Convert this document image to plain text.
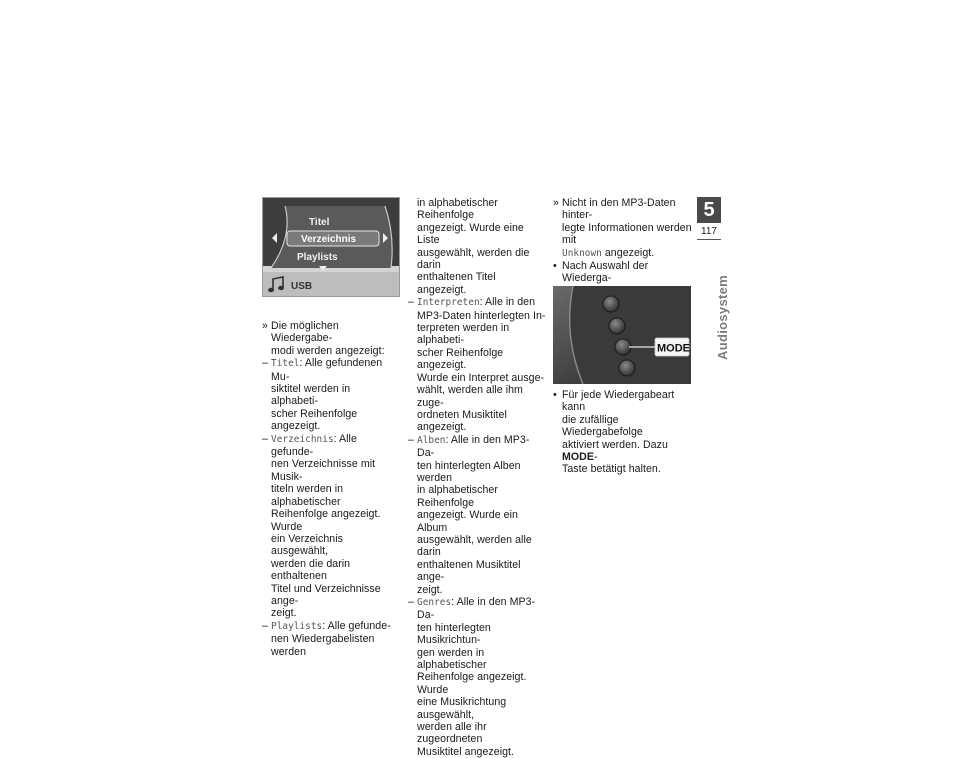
Titel
Verzeichnis
Playlists
USB
» Die möglichen Wiedergabe-
modi werden angezeigt:
– Titel: Alle gefundenen Mu-
siktitel werden in alphabeti-
scher Reihenfolge angezeigt.
– Verzeichnis: Alle gefunde-
nen Verzeichnisse mit Musik-
titeln werden in alphabetischer
Reihenfolge angezeigt. Wurde
ein Verzeichnis ausgewählt,
werden die darin enthaltenen
Titel und Verzeichnisse ange-
zeigt.
– Playlists: Alle gefunde-
nen Wiedergabelisten werden
in alphabetischer Reihenfolge
angezeigt. Wurde eine Liste
ausgewählt, werden die darin
enthaltenen Titel angezeigt.
– Interpreten: Alle in den
MP3-Daten hinterlegten In-
terpreten werden in alphabeti-
scher Reihenfolge angezeigt.
Wurde ein Interpret ausge-
wählt, werden alle ihm zuge-
ordneten Musiktitel angezeigt.
– Alben: Alle in den MP3-Da-
ten hinterlegten Alben werden
in alphabetischer Reihenfolge
angezeigt. Wurde ein Album
ausgewählt, werden alle darin
enthaltenen Musiktitel ange-
zeigt.
– Genres: Alle in den MP3-Da-
ten hinterlegten Musikrichtun-
gen werden in alphabetischer
Reihenfolge angezeigt. Wurde
eine Musikrichtung ausgewählt,
werden alle ihr zugeordneten
Musiktitel angezeigt.
» Nicht in den MP3-Daten hinter-
legte Informationen werden mit
Unknown angezeigt.
• Nach Auswahl der Wiederga-
MODE
• Für jede Wiedergabeart kann
die zufällige Wiedergabefolge
aktiviert werden. Dazu MODE-
Taste betätigt halten.
5
117
Audiosystem
